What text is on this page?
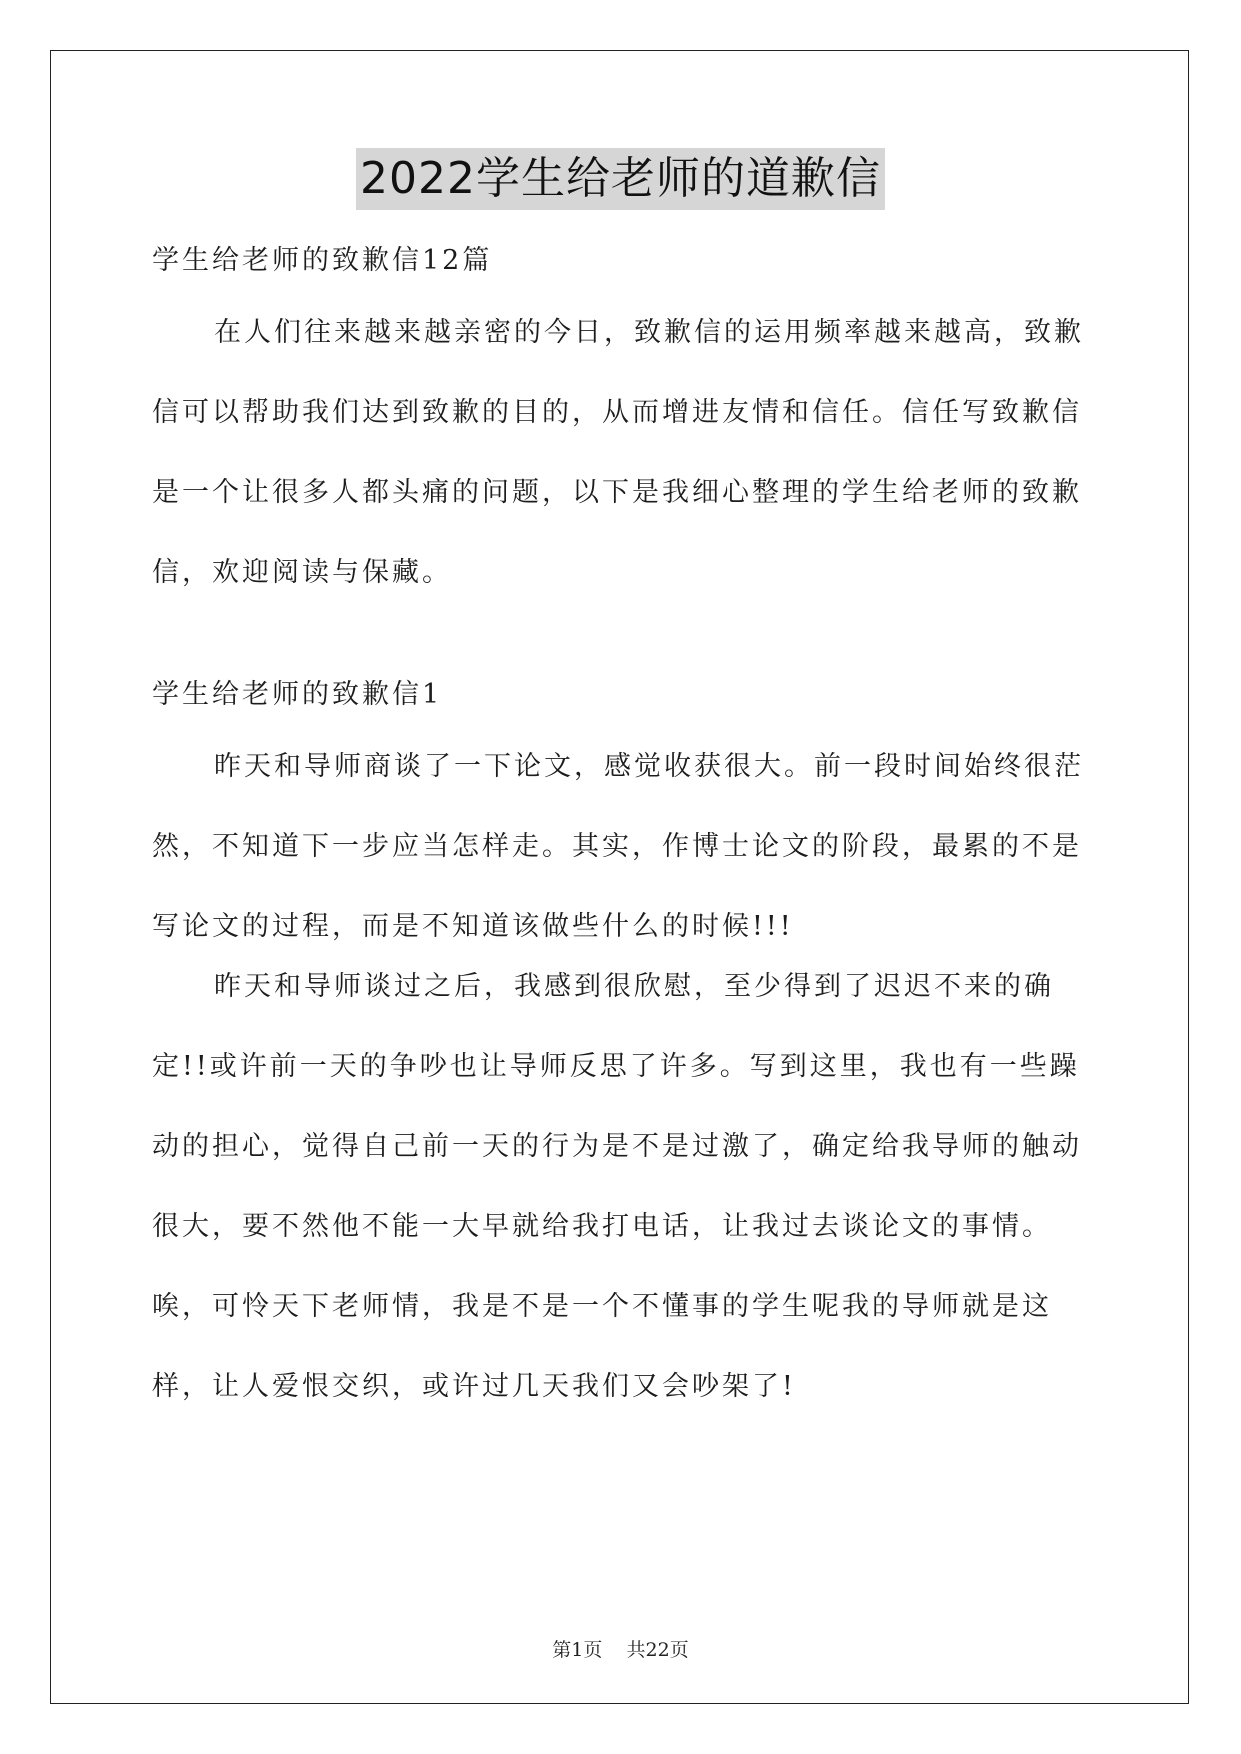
2022学生给老师的道歉信

学生给老师的致歉信12篇

在人们往来越来越亲密的今日，致歉信的运用频率越来越高，致歉信可以帮助我们达到致歉的目的，从而增进友情和信任。信任写致歉信是一个让很多人都头痛的问题，以下是我细心整理的学生给老师的致歉信，欢迎阅读与保藏。

学生给老师的致歉信1

昨天和导师商谈了一下论文，感觉收获很大。前一段时间始终很茫然，不知道下一步应当怎样走。其实，作博士论文的阶段，最累的不是写论文的过程，而是不知道该做些什么的时候!!!

昨天和导师谈过之后，我感到很欣慰，至少得到了迟迟不来的确定!!或许前一天的争吵也让导师反思了许多。写到这里，我也有一些躁动的担心，觉得自己前一天的行为是不是过激了，确定给我导师的触动很大，要不然他不能一大早就给我打电话，让我过去谈论文的事情。唉，可怜天下老师情，我是不是一个不懂事的学生呢我的导师就是这样，让人爱恨交织，或许过几天我们又会吵架了!

第1页    共22页
